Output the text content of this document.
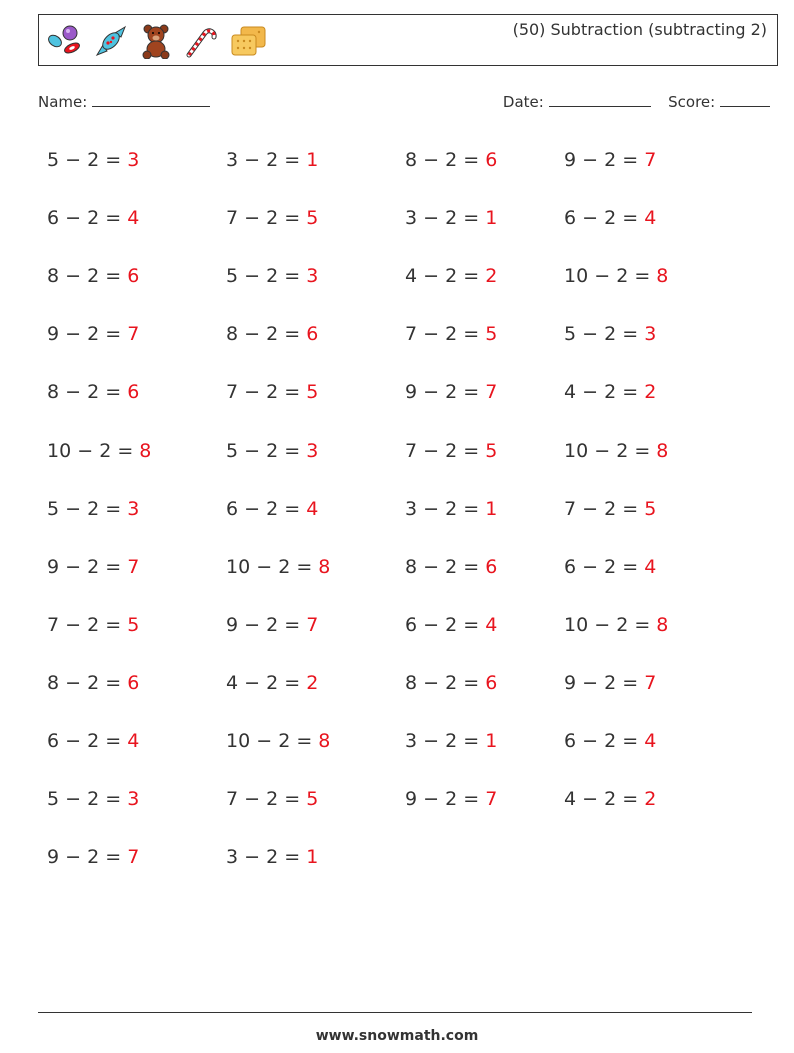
(50) Subtraction (subtracting 2)
Name:	Date:	Score:
5 − 2 = 3	3 − 2 = 1	8 − 2 = 6	9 − 2 = 7
6 − 2 = 4	7 − 2 = 5	3 − 2 = 1	6 − 2 = 4
8 − 2 = 6	5 − 2 = 3	4 − 2 = 2	10 − 2 = 8
9 − 2 = 7	8 − 2 = 6	7 − 2 = 5	5 − 2 = 3
8 − 2 = 6	7 − 2 = 5	9 − 2 = 7	4 − 2 = 2
10 − 2 = 8	5 − 2 = 3	7 − 2 = 5	10 − 2 = 8
5 − 2 = 3	6 − 2 = 4	3 − 2 = 1	7 − 2 = 5
9 − 2 = 7	10 − 2 = 8	8 − 2 = 6	6 − 2 = 4
7 − 2 = 5	9 − 2 = 7	6 − 2 = 4	10 − 2 = 8
8 − 2 = 6	4 − 2 = 2	8 − 2 = 6	9 − 2 = 7
6 − 2 = 4	10 − 2 = 8	3 − 2 = 1	6 − 2 = 4
5 − 2 = 3	7 − 2 = 5	9 − 2 = 7	4 − 2 = 2
9 − 2 = 7	3 − 2 = 1
www.snowmath.com
